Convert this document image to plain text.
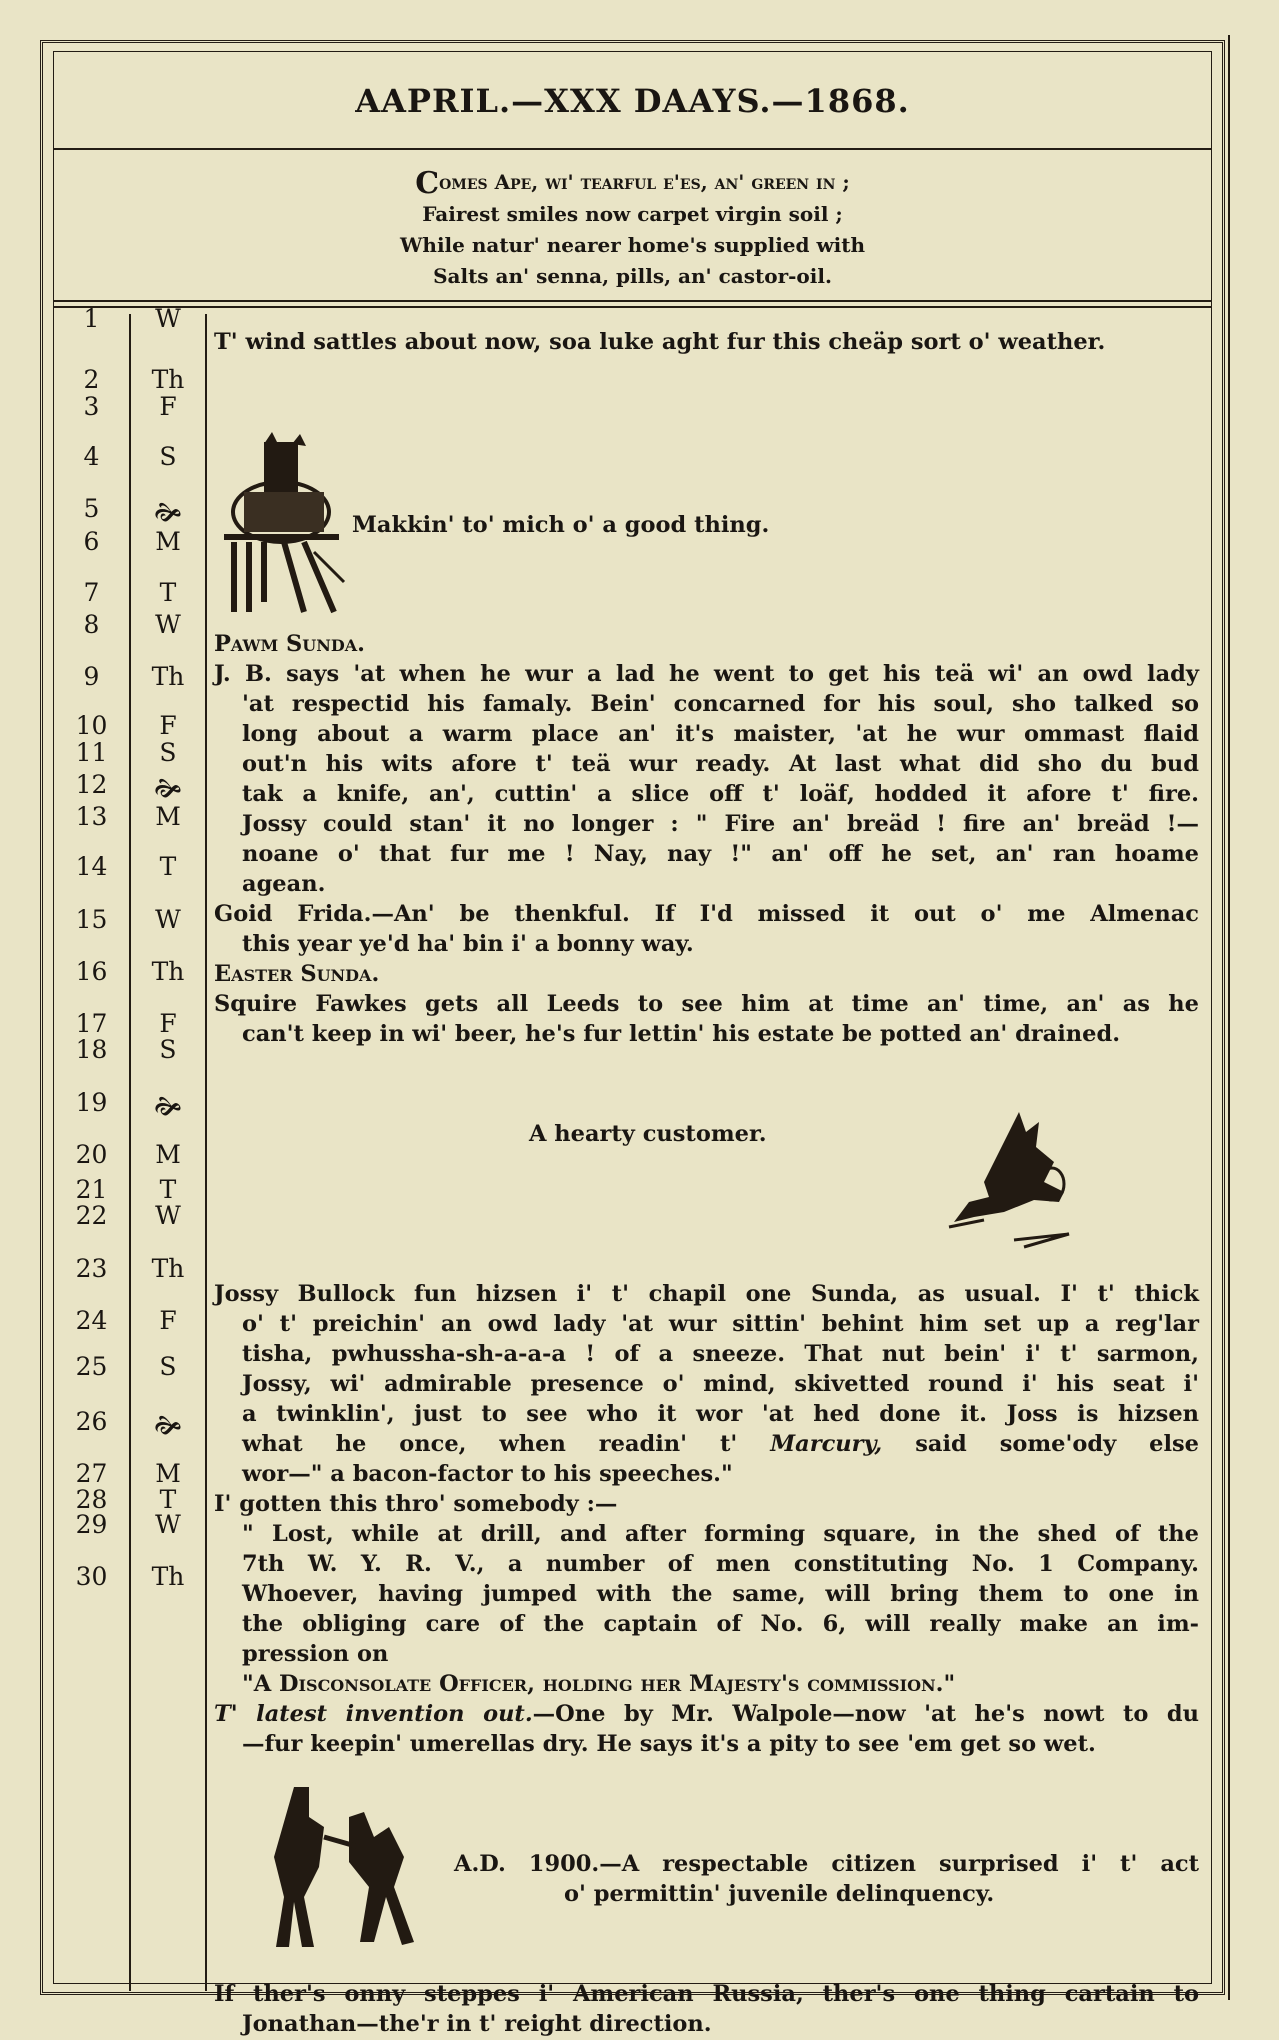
AAPRIL.—XXX DAAYS.—1868.
Comes Ape, wi' tearful e'es, an' green in ;
Fairest smiles now carpet virgin soil ;
While natur' nearer home's supplied with
Salts an' senna, pills, an' castor-oil.
1	W
2	Th
3	F
4	S
5	🙞
6	M
7	T
8	W
9	Th
10	F
11	S
12	🙞
13	M
14	T
15	W
16	Th
17	F
18	S
19	🙞
20	M
21	T
22	W
23	Th
24	F
25	S
26	🙞
27	M
28	T
29	W
30	Th
T' wind sattles about now, soa luke aght fur this cheäp sort o' weather.
Makkin' to' mich o' a good thing.
Pawm Sunda.
J. B. says 'at when he wur a lad he went to get his teä wi' an owd lady
'at respectid his famaly. Bein' concarned for his soul, sho talked so
long about a warm place an' it's maister, 'at he wur ommast flaid
out'n his wits afore t' teä wur ready. At last what did sho du bud
tak a knife, an', cuttin' a slice off t' loäf, hodded it afore t' fire.
Jossy could stan' it no longer : " Fire an' breäd ! fire an' breäd !—
noane o' that fur me ! Nay, nay !" an' off he set, an' ran hoame
agean.
Goid Frida.—An' be thenkful. If I'd missed it out o' me Almenac
this year ye'd ha' bin i' a bonny way.
Easter Sunda.
Squire Fawkes gets all Leeds to see him at time an' time, an' as he
can't keep in wi' beer, he's fur lettin' his estate be potted an' drained.
A hearty customer.
Jossy Bullock fun hizsen i' t' chapil one Sunda, as usual. I' t' thick
o' t' preichin' an owd lady 'at wur sittin' behint him set up a reg'lar
tisha, pwhussha-sh-a-a-a ! of a sneeze. That nut bein' i' t' sarmon,
Jossy, wi' admirable presence o' mind, skivetted round i' his seat i'
a twinklin', just to see who it wor 'at hed done it. Joss is hizsen
what he once, when readin' t' Marcury, said some'ody else
wor—" a bacon-factor to his speeches."
I' gotten this thro' somebody :—
" Lost, while at drill, and after forming square, in the shed of the
7th W. Y. R. V., a number of men constituting No. 1 Company.
Whoever, having jumped with the same, will bring them to one in
the obliging care of the captain of No. 6, will really make an im-
pression on
"A Disconsolate Officer, holding her Majesty's commission."
T' latest invention out.—One by Mr. Walpole—now 'at he's nowt to du
—fur keepin' umerellas dry. He says it's a pity to see 'em get so wet.
A.D. 1900.—A respectable citizen surprised i' t' act
o' permittin' juvenile delinquency.
If ther's onny steppes i' American Russia, ther's one thing cartain to
Jonathan—the'r in t' reight direction.
